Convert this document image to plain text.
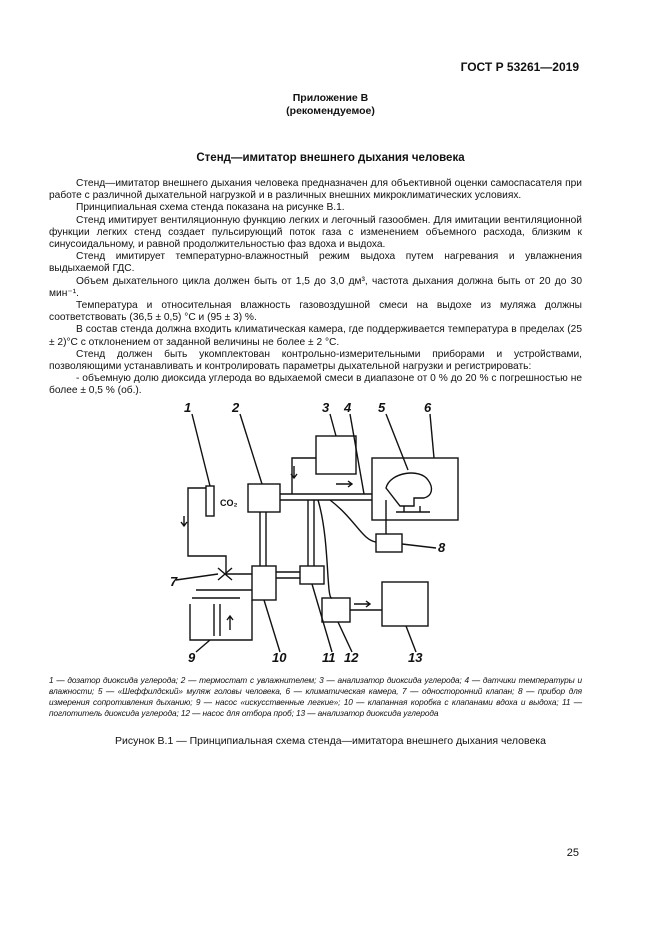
ГОСТ Р 53261—2019
Приложение В
(рекомендуемое)
Стенд—имитатор внешнего дыхания человека

Стенд—имитатор внешнего дыхания человека предназначен для объективной оценки самоспасателя при работе с различной дыхательной нагрузкой и в различных внешних микроклиматических условиях.

Принципиальная схема стенда показана на рисунке В.1.

Стенд имитирует вентиляционную функцию легких и легочный газообмен. Для имитации вентиляционной функции легких стенд создает пульсирующий поток газа с изменением объемного расхода, близким к синусоидальному, и равной продолжительностью фаз вдоха и выдоха.

Стенд имитирует температурно-влажностный режим выдоха путем нагревания и увлажнения выдыхаемой ГДС.

Объем дыхательного цикла должен быть от 1,5 до 3,0 дм³, частота дыхания должна быть от 20 до 30 мин⁻¹.

Температура и относительная влажность газовоздушной смеси на выдохе из муляжа должны соответствовать (36,5 ± 0,5) °С и (95 ± 3) %.

В состав стенда должна входить климатическая камера, где поддерживается температура в пределах (25 ± 2)°С с отклонением от заданной величины не более ± 2 °С.

Стенд должен быть укомплектован контрольно-измерительными приборами и устройствами, позволяющими устанавливать и контролировать параметры дыхательной нагрузки и регистрировать:

- объемную долю диоксида углерода во вдыхаемой смеси в диапазоне от 0 % до 20 % с погрешностью не более ± 0,5 % (об.).

1	2	3 4 5	6
7
8
9	10	11 12	13
CO₂
1 — дозатор диоксида углерода; 2 — термостат с увлажнителем; 3 — анализатор диоксида углерода; 4 — датчики температуры и влажности; 5 — «Шеффилдский» муляж головы человека, 6 — климатическая камера, 7 — односторонний клапан; 8 — прибор для измерения сопротивления дыханию; 9 — насос «искусственные легкие»; 10 — клапанная коробка с клапанами вдоха и выдоха; 11 — поглотитель диоксида углерода; 12 — насос для отбора проб; 13 — анализатор диоксида углерода
Рисунок В.1 — Принципиальная схема стенда—имитатора внешнего дыхания человека
25
